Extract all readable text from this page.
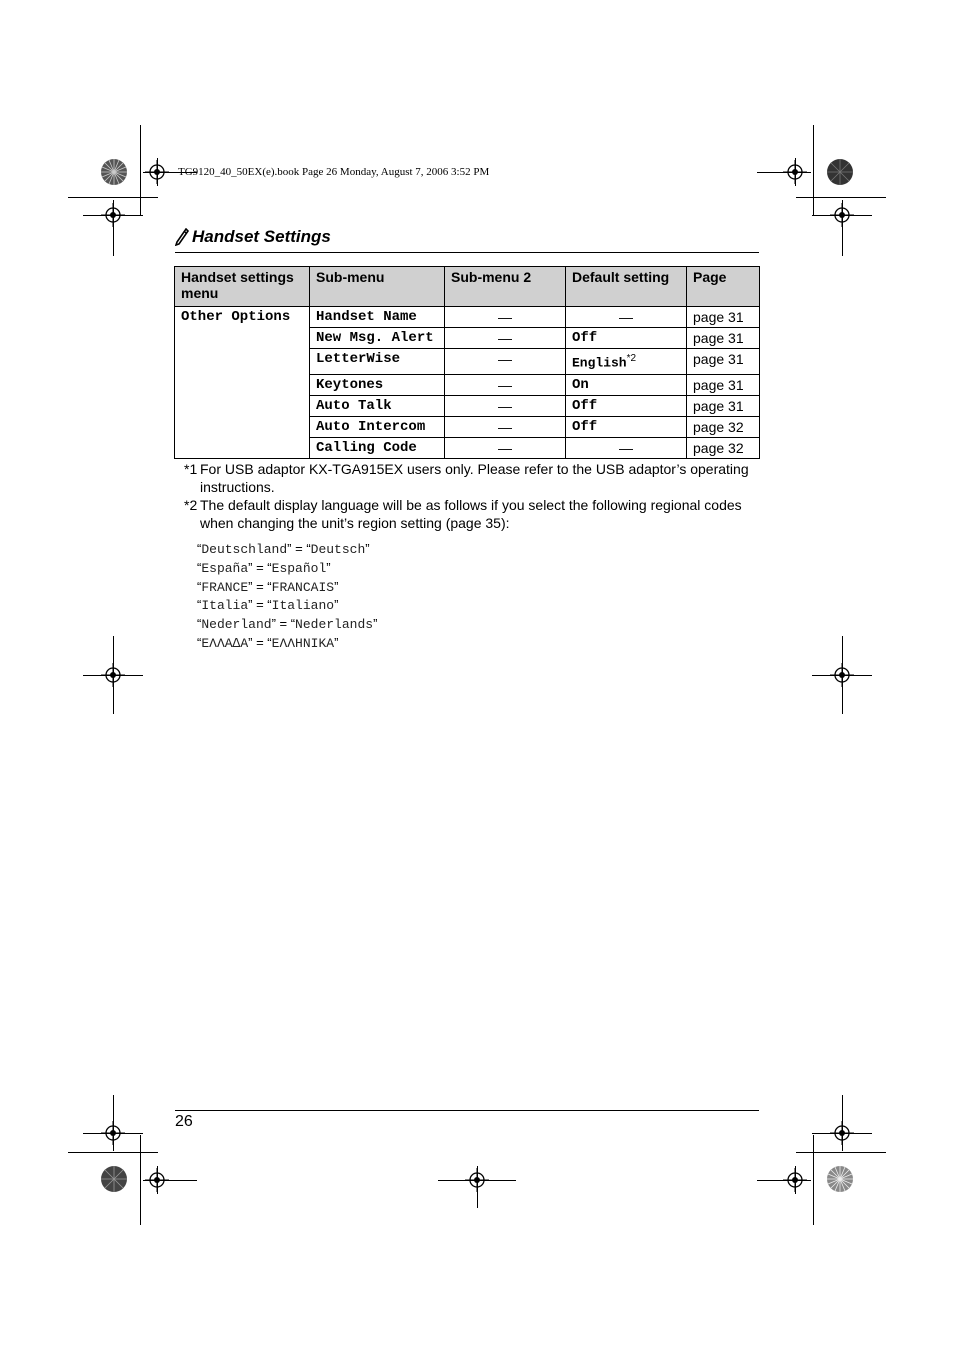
TG9120_40_50EX(e).book Page 26 Monday, August 7, 2006 3:52 PM
Handset Settings
Handset settings menu	Sub-menu	Sub-menu 2	Default setting	Page
Other Options	Handset Name	—	—	page 31
	New Msg. Alert	—	Off	page 31
	LetterWise	—	English$^{*2}$	page 31
	Keytones	—	On	page 31
	Auto Talk	—	Off	page 31
	Auto Intercom	—	Off	page 32
	Calling Code	—	—	page 32
*1 For USB adaptor KX-TGA915EX users only. Please refer to the USB adaptor’s operating instructions.
*2 The default display language will be as follows if you select the following regional codes when changing the unit’s region setting (page 35):
“Deutschland” = “Deutsch”
“España” = “Español”
“FRANCE” = “FRANCAIS”
“Italia” = “Italiano”
“Nederland” = “Nederlands”
“ΕΛΛΑ∆Α” = “ΕΛΛΗΝΙΚΑ”
26
